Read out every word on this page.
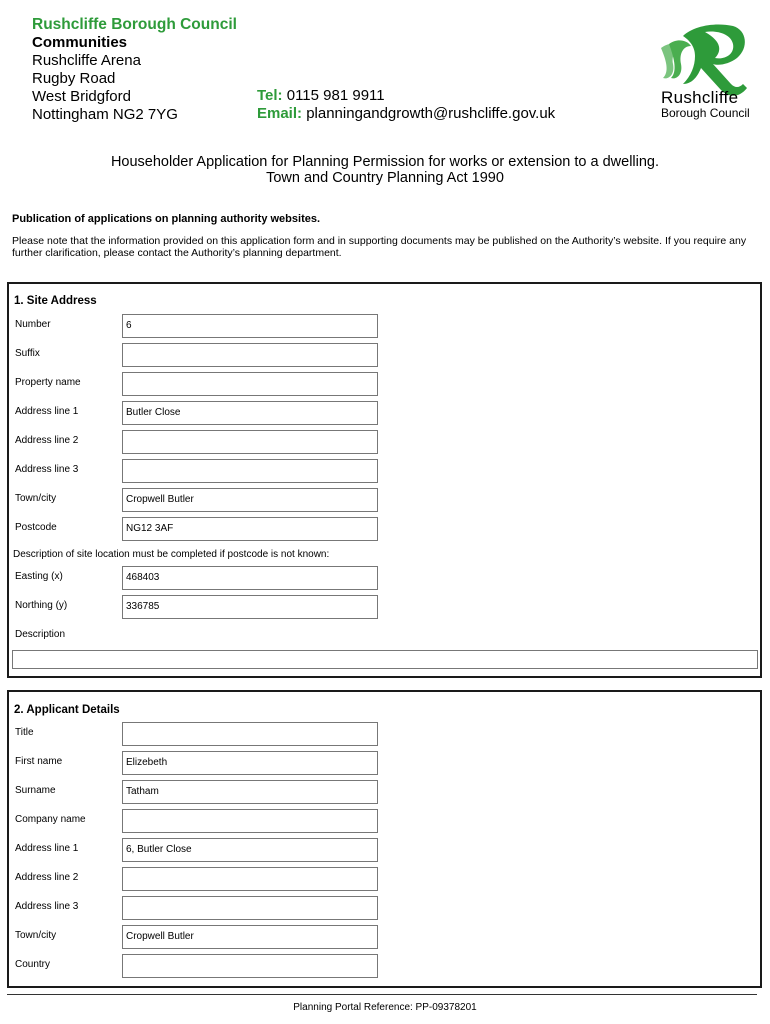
Rushcliffe Borough Council
Communities
Rushcliffe Arena
Rugby Road
West Bridgford
Nottingham NG2 7YG
Tel: 0115 981 9911
Email: planningandgrowth@rushcliffe.gov.uk
Rushcliffe
Borough Council
Householder Application for Planning Permission for works or extension to a dwelling.
Town and Country Planning Act 1990
Publication of applications on planning authority websites.
Please note that the information provided on this application form and in supporting documents may be published on the Authority’s website. If you require any further clarification, please contact the Authority’s planning department.
1. Site Address
Number	6
Suffix
Property name
Address line 1	Butler Close
Address line 2
Address line 3
Town/city	Cropwell Butler
Postcode	NG12 3AF
Description of site location must be completed if postcode is not known:
Easting (x)	468403
Northing (y)	336785
Description
2. Applicant Details
Title
First name	Elizebeth
Surname	Tatham
Company name
Address line 1	6, Butler Close
Address line 2
Address line 3
Town/city	Cropwell Butler
Country
Planning Portal Reference: PP-09378201
